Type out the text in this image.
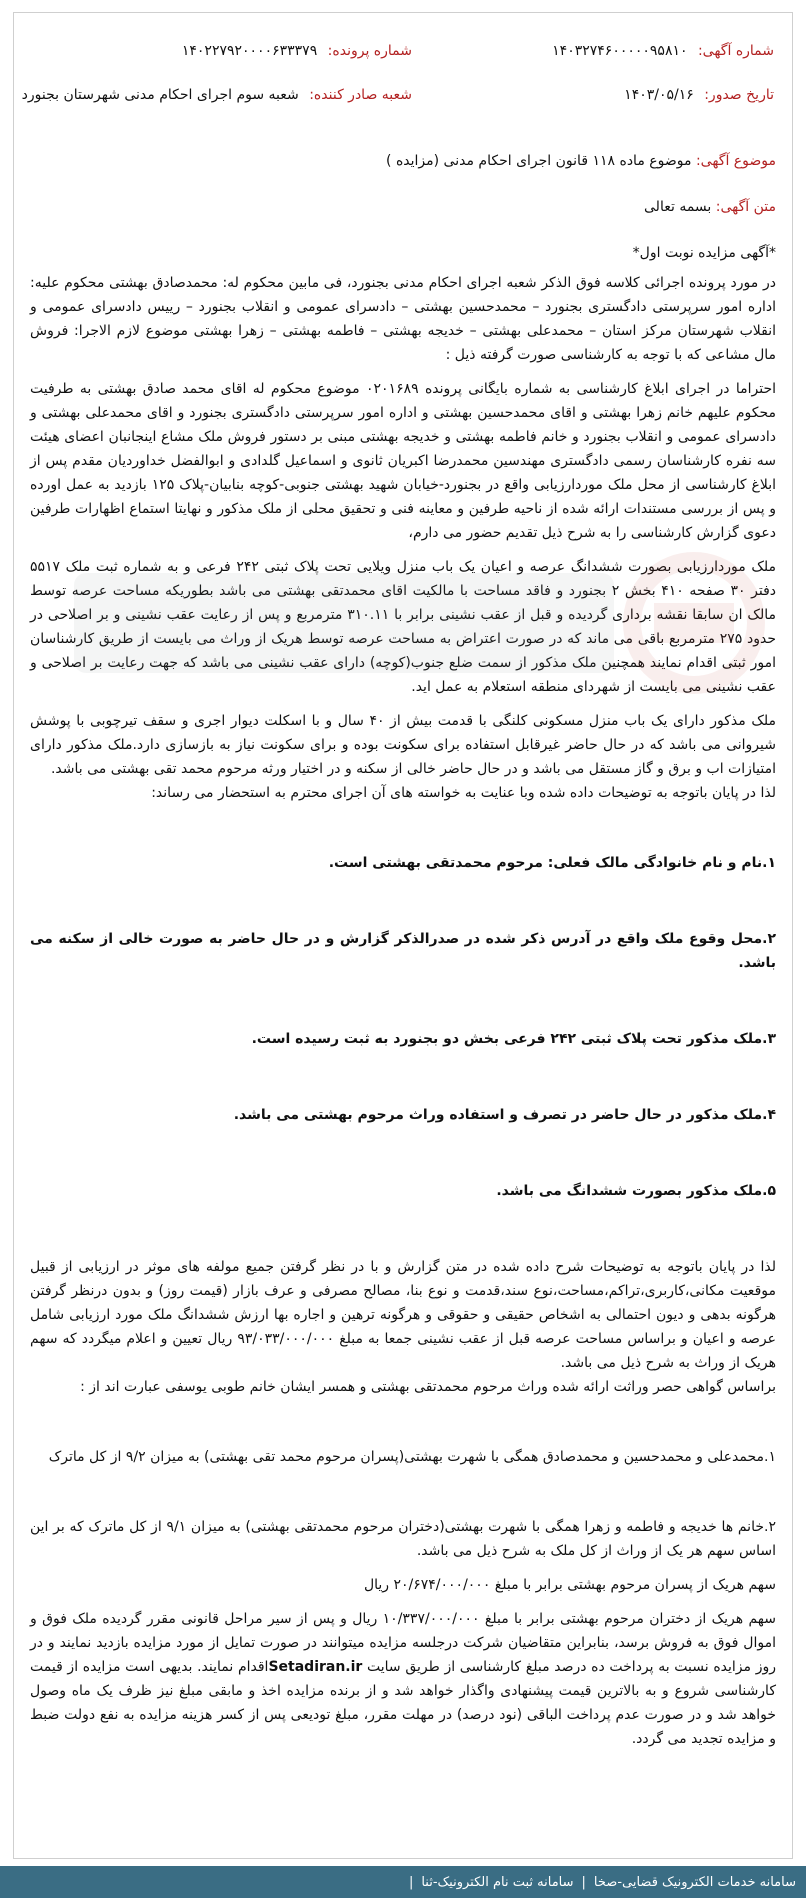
شماره آگهی: ۱۴۰۳۲۷۴۶۰۰۰۰۰۹۵۸۱۰
شماره پرونده: ۱۴۰۲۲۷۹۲۰۰۰۰۶۳۳۳۷۹
تاریخ صدور: ۱۴۰۳/۰۵/۱۶
شعبه صادر کننده: شعبه سوم اجرای احکام مدنی شهرستان بجنورد
موضوع آگهی: موضوع ماده ۱۱۸ قانون اجرای احکام مدنی (مزایده )
متن آگهی: بسمه تعالی
*آگهی مزایده نوبت اول*

در مورد پرونده اجرائی کلاسه فوق الذکر شعبه اجرای احکام مدنی بجنورد، فی مابین محکوم له: محمدصادق بهشتی محکوم علیه: اداره امور سرپرستی دادگستری بجنورد – محمدحسین بهشتی – دادسرای عمومی و انقلاب بجنورد – رییس دادسرای عمومی و انقلاب شهرستان مرکز استان – محمدعلی بهشتی – خدیجه بهشتی – فاطمه بهشتی – زهرا بهشتی موضوع لازم الاجرا: فروش مال مشاعی که با توجه به کارشناسی صورت گرفته ذیل :

احتراما در اجرای ابلاغ کارشناسی به شماره بایگانی پرونده ۰۲۰۱۶۸۹ موضوع محکوم له اقای محمد صادق بهشتی به طرفیت محکوم علیهم خانم زهرا بهشتی و اقای محمدحسین بهشتی و اداره امور سرپرستی دادگستری بجنورد و اقای محمدعلی بهشتی و دادسرای عمومی و انقلاب بجنورد و خانم فاطمه بهشتی و خدیجه بهشتی مبنی بر دستور فروش ملک مشاع اینجانبان اعضای هیئت سه نفره کارشناسان رسمی دادگستری مهندسین محمدرضا اکبریان ثانوی و اسماعیل گلدادی و ابوالفضل خداوردیان مقدم پس از ابلاغ کارشناسی از محل ملک موردارزیابی واقع در بجنورد-خیابان شهید بهشتی جنوبی-کوچه بنابیان-پلاک ۱۲۵ بازدید به عمل اورده و پس از بررسی مستندات ارائه شده از ناحیه طرفین و معاینه فنی و تحقیق محلی از ملک مذکور و نهایتا استماع اظهارات طرفین دعوی گزارش کارشناسی را به شرح ذیل تقدیم حضور می دارم،

ملک موردارزیابی بصورت ششدانگ عرصه و اعیان یک باب منزل ویلایی تحت پلاک ثبتی ۲۴۲ فرعی و به شماره ثبت ملک ۵۵۱۷ دفتر ۳۰ صفحه ۴۱۰ بخش ۲ بجنورد و فاقد مساحت با مالکیت اقای محمدتقی بهشتی می باشد بطوریکه مساحت عرصه توسط مالک ان سابقا نقشه برداری گردیده و قبل از عقب نشینی برابر با ۳۱۰.۱۱ مترمربع و پس از رعایت عقب نشینی و بر اصلاحی در حدود ۲۷۵ مترمربع باقی می ماند که در صورت اعتراض به مساحت عرصه توسط هریک از وراث می بایست از طریق کارشناسان امور ثبتی اقدام نمایند همچنین ملک مذکور از سمت ضلع جنوب(کوچه) دارای عقب نشینی می باشد که جهت رعایت بر اصلاحی و عقب نشینی می بایست از شهردای منطقه استعلام به عمل اید.

ملک مذکور دارای یک باب منزل مسکونی کلنگی با قدمت بیش از ۴۰ سال و با اسکلت دیوار اجری و سقف تیرچوبی با پوشش شیروانی می باشد که در حال حاضر غیرقابل استفاده برای سکونت بوده و برای سکونت نیاز به بازسازی دارد.ملک مذکور دارای امتیازات اب و برق و گاز مستقل می باشد و در حال حاضر خالی از سکنه و در اختیار ورثه مرحوم محمد تقی بهشتی می باشد.

لذا در پایان باتوجه به توضیحات داده شده وبا عنایت به خواسته های آن اجرای محترم به استحضار می رساند:

۱.نام و نام خانوادگی مالک فعلی: مرحوم محمدتقی بهشتی است.

۲.محل وقوع ملک واقع در آدرس ذکر شده در صدرالذکر گزارش و در حال حاضر به صورت خالی از سکنه می باشد.

۳.ملک مذکور تحت پلاک ثبتی ۲۴۲ فرعی بخش دو بجنورد به ثبت رسیده است.

۴.ملک مذکور در حال حاضر در تصرف و استفاده وراث مرحوم بهشتی می باشد.

۵.ملک مذکور بصورت ششدانگ می باشد.

لذا در پایان باتوجه به توضیحات شرح داده شده در متن گزارش و با در نظر گرفتن جمیع مولفه های موثر در ارزیابی از قبیل موقعیت مکانی،کاربری،تراکم،مساحت،نوع سند،قدمت و نوع بنا، مصالح مصرفی و عرف بازار (قیمت روز) و بدون درنظر گرفتن هرگونه بدهی و دیون احتمالی به اشخاص حقیقی و حقوقی و هرگونه ترهین و اجاره بها ارزش ششدانگ ملک مورد ارزیابی شامل عرصه و اعیان و براساس مساحت عرصه قبل از عقب نشینی جمعا به مبلغ ۹۳/۰۳۳/۰۰۰/۰۰۰ ریال تعیین و اعلام میگردد که سهم هریک از وراث به شرح ذیل می باشد.

براساس گواهی حصر وراثت ارائه شده وراث مرحوم محمدتقی بهشتی و همسر ایشان خانم طوبی یوسفی عبارت اند از :

۱.محمدعلی و محمدحسین و محمدصادق همگی با شهرت بهشتی(پسران مرحوم محمد تقی بهشتی) به میزان ۹/۲ از کل ماترک

۲.خانم ها خدیجه و فاطمه و زهرا همگی با شهرت بهشتی(دختران مرحوم محمدتقی بهشتی) به میزان ۹/۱ از کل ماترک که بر این اساس سهم هر یک از وراث از کل ملک به شرح ذیل می باشد.

سهم هریک از پسران مرحوم بهشتی برابر با مبلغ ۲۰/۶۷۴/۰۰۰/۰۰۰ ریال

سهم هریک از دختران مرحوم بهشتی برابر با مبلغ ۱۰/۳۳۷/۰۰۰/۰۰۰ ریال و پس از سیر مراحل قانونی مقرر گردیده ملک فوق و اموال فوق به فروش برسد، بنابراین متقاضیان شرکت درجلسه مزایده میتوانند در صورت تمایل از مورد مزایده بازدید نمایند و در روز مزایده نسبت به پرداخت ده درصد مبلغ کارشناسی از طریق سایت Setadiran.irاقدام نمایند. بدیهی است مزایده از قیمت کارشناسی شروع و به بالاترین قیمت پیشنهادی واگذار خواهد شد و از برنده مزایده اخذ و مابقی مبلغ نیز ظرف یک ماه وصول خواهد شد و در صورت عدم پرداخت الباقی (نود درصد) در مهلت مقرر، مبلغ تودیعی پس از کسر هزینه مزایده به نفع دولت ضبط و مزایده تجدید می گردد.

سامانه خدمات الکترونیک قضایی-صخا
|
سامانه ثبت نام الکترونیک-ثنا
|
